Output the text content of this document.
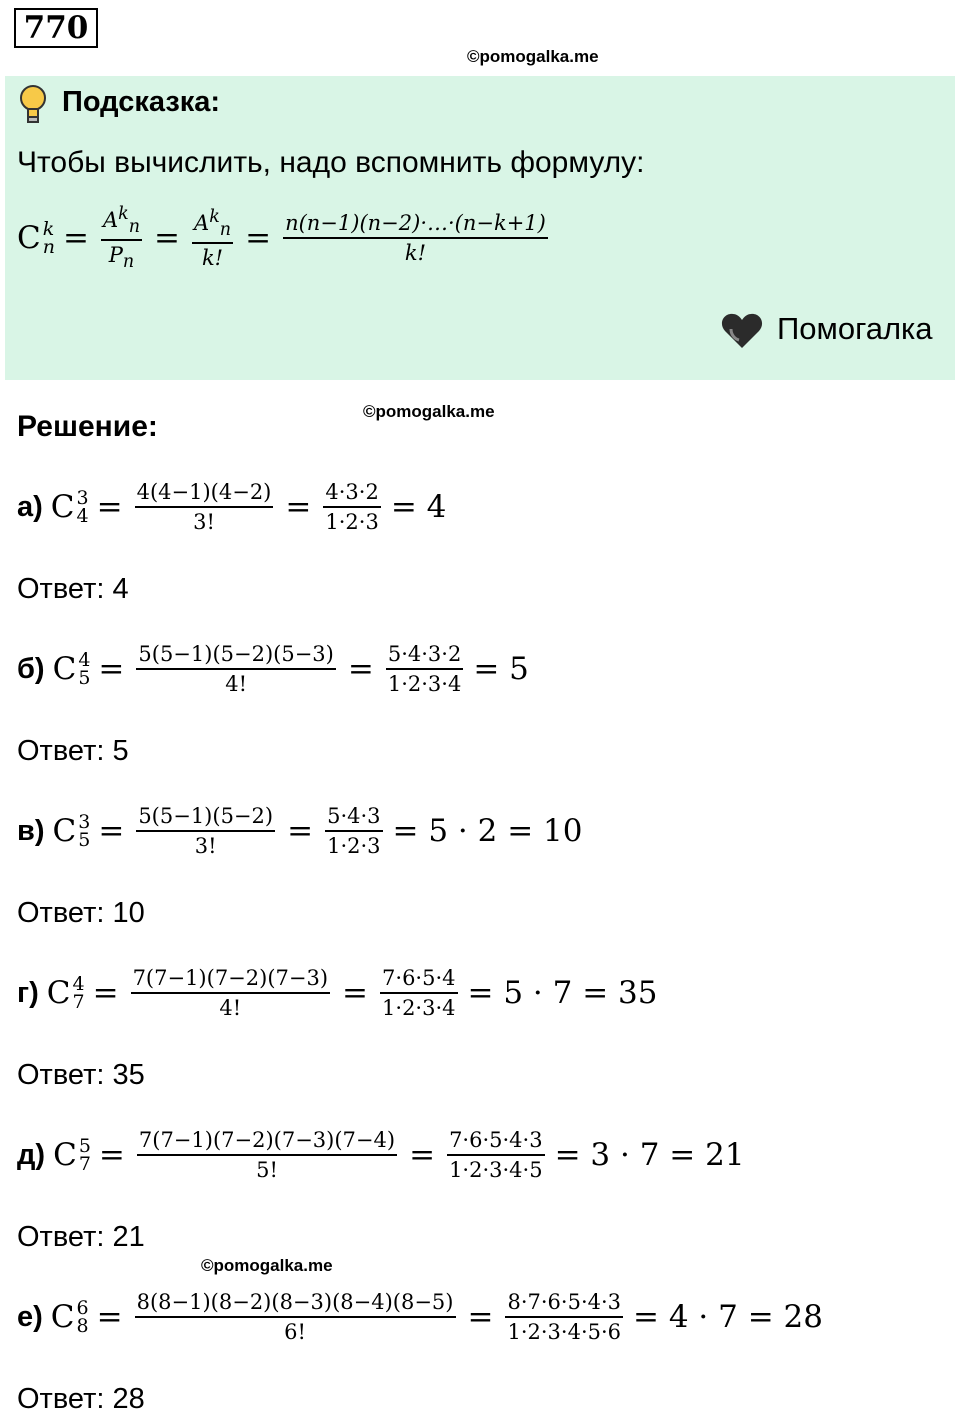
770
©pomogalka.me
Подсказка:
Чтобы вычислить, надо вспомнить формулу:
C k
$n = \frac{A^k_n}{P_n} = \frac{A^k_n}{k!} = \frac{n(n-1)(n-2)\cdot\dots\cdot(n-k+1)}{k!}$
Помогалка
Решение:	©pomogalka.me
©pomogalka.me
а) C 3
$4 = \frac{4(4-1)(4-2)}{3!} = \frac{4\cdot 3\cdot 2}{1\cdot 2\cdot 3} = 4$
Ответ: 4
б) C 4
$5 = \frac{5(5-1)(5-2)(5-3)}{4!} = \frac{5\cdot 4\cdot 3\cdot 2}{1\cdot 2\cdot 3\cdot 4} = 5$
Ответ: 5
в) C 3
$5 = \frac{5(5-1)(5-2)}{3!} = \frac{5\cdot 4\cdot 3}{1\cdot 2\cdot 3} = 5 \cdot 2 = 10$
Ответ: 10
г) C 4
$7 = \frac{7(7-1)(7-2)(7-3)}{4!} = \frac{7\cdot 6\cdot 5\cdot 4}{1\cdot 2\cdot 3\cdot 4} = 5 \cdot 7 = 35$
Ответ: 35
д) C 5
$7 = \frac{7(7-1)(7-2)(7-3)(7-4)}{5!} = \frac{7\cdot 6\cdot 5\cdot 4\cdot 3}{1\cdot 2\cdot 3\cdot 4\cdot 5} = 3 \cdot 7 = 21$
Ответ: 21
е) C 6
$8 = \frac{8(8-1)(8-2)(8-3)(8-4)(8-5)}{6!} = \frac{8\cdot 7\cdot 6\cdot 5\cdot 4\cdot 3}{1\cdot 2\cdot 3\cdot 4\cdot 5\cdot 6} = 4 \cdot 7 = 28$
Ответ: 28
